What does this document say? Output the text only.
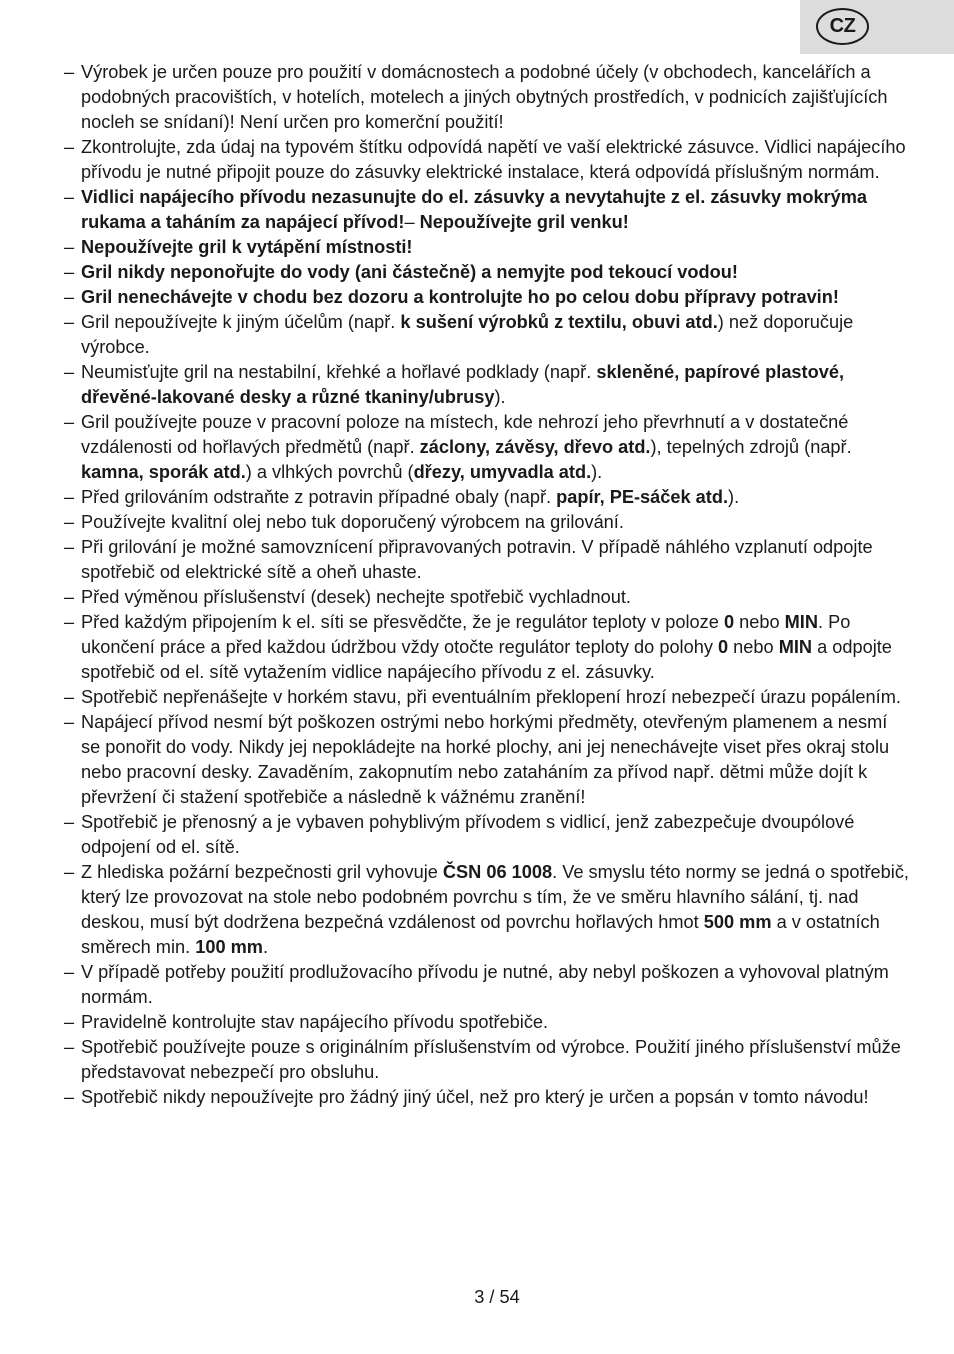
CZ
– Výrobek je určen pouze pro použití v domácnostech a podobné účely (v obchodech, kancelářích a podobných pracovištích, v hotelích, motelech a jiných obytných prostředích, v podnicích zajišťujících nocleh se snídaní)! Není určen pro komerční použití!
– Zkontrolujte, zda údaj na typovém štítku odpovídá napětí ve vaší elektrické zásuvce. Vidlici napájecího přívodu je nutné připojit pouze do zásuvky elektrické instalace, která odpovídá příslušným normám.
– Vidlici napájecího přívodu nezasunujte do el. zásuvky a nevytahujte z el. zásuvky mokrýma rukama a taháním za napájecí přívod!– Nepoužívejte gril venku!
– Nepoužívejte gril k vytápění místnosti!
– Gril nikdy neponořujte do vody (ani částečně) a nemyjte pod tekoucí vodou!
– Gril nenechávejte v chodu bez dozoru a kontrolujte ho po celou dobu přípravy potravin!
– Gril nepoužívejte k jiným účelům (např. k sušení výrobků z textilu, obuvi atd.) než doporučuje výrobce.
– Neumisťujte gril na nestabilní, křehké a hořlavé podklady (např. skleněné, papírové plastové, dřevěné-lakované desky a různé tkaniny/ubrusy).
– Gril používejte pouze v pracovní poloze na místech, kde nehrozí jeho převrhnutí a v dostatečné vzdálenosti od hořlavých předmětů (např. záclony, závěsy, dřevo atd.), tepelných zdrojů (např. kamna, sporák atd.) a vlhkých povrchů (dřezy, umyvadla atd.).
– Před grilováním odstraňte z potravin případné obaly (např. papír, PE-sáček atd.).
– Používejte kvalitní olej nebo tuk doporučený výrobcem na grilování.
– Při grilování je možné samovznícení připravovaných potravin. V případě náhlého vzplanutí odpojte spotřebič od elektrické sítě a oheň uhaste.
– Před výměnou příslušenství (desek) nechejte spotřebič vychladnout.
– Před každým připojením k el. síti se přesvědčte, že je regulátor teploty v poloze 0 nebo MIN. Po ukončení práce a před každou údržbou vždy otočte regulátor teploty do polohy 0 nebo MIN a odpojte spotřebič od el. sítě vytažením vidlice napájecího přívodu z el. zásuvky.
– Spotřebič nepřenášejte v horkém stavu, při eventuálním překlopení hrozí nebezpečí úrazu popálením.
– Napájecí přívod nesmí být poškozen ostrými nebo horkými předměty, otevřeným plamenem a nesmí se ponořit do vody. Nikdy jej nepokládejte na horké plochy, ani jej nenechávejte viset přes okraj stolu nebo pracovní desky. Zavaděním, zakopnutím nebo zataháním za přívod např. dětmi může dojít k převržení či stažení spotřebiče a následně k vážnému zranění!
– Spotřebič je přenosný a je vybaven pohyblivým přívodem s vidlicí, jenž zabezpečuje dvoupólové odpojení od el. sítě.
– Z hlediska požární bezpečnosti gril vyhovuje ČSN 06 1008. Ve smyslu této normy se jedná o spotřebič, který lze provozovat na stole nebo podobném povrchu s tím, že ve směru hlavního sálání, tj. nad deskou, musí být dodržena bezpečná vzdálenost od povrchu hořlavých hmot 500 mm a v ostatních směrech min. 100 mm.
– V případě potřeby použití prodlužovacího přívodu je nutné, aby nebyl poškozen a vyhovoval platným normám.
– Pravidelně kontrolujte stav napájecího přívodu spotřebiče.
– Spotřebič používejte pouze s originálním příslušenstvím od výrobce. Použití jiného příslušenství může představovat nebezpečí pro obsluhu.
– Spotřebič nikdy nepoužívejte pro žádný jiný účel, než pro který je určen a popsán v tomto návodu!
3 / 54
